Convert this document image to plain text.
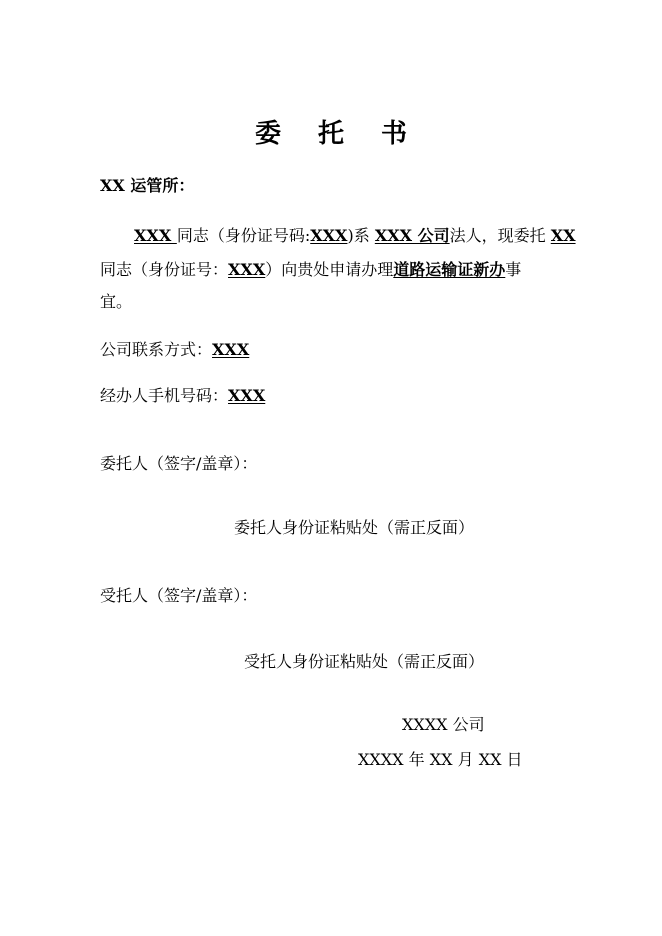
委 托 书
XX 运管所：
XXX 同志（身份证号码:XXX)系 XXX 公司法人，现委托 XX
同志（身份证号：XXX）向贵处申请办理道路运输证新办事
宜。
公司联系方式：XXX
经办人手机号码：XXX
委托人（签字/盖章）：
委托人身份证粘贴处（需正反面）
受托人（签字/盖章）：
受托人身份证粘贴处（需正反面）
XXXX 公司
XXXX 年 XX 月 XX 日
